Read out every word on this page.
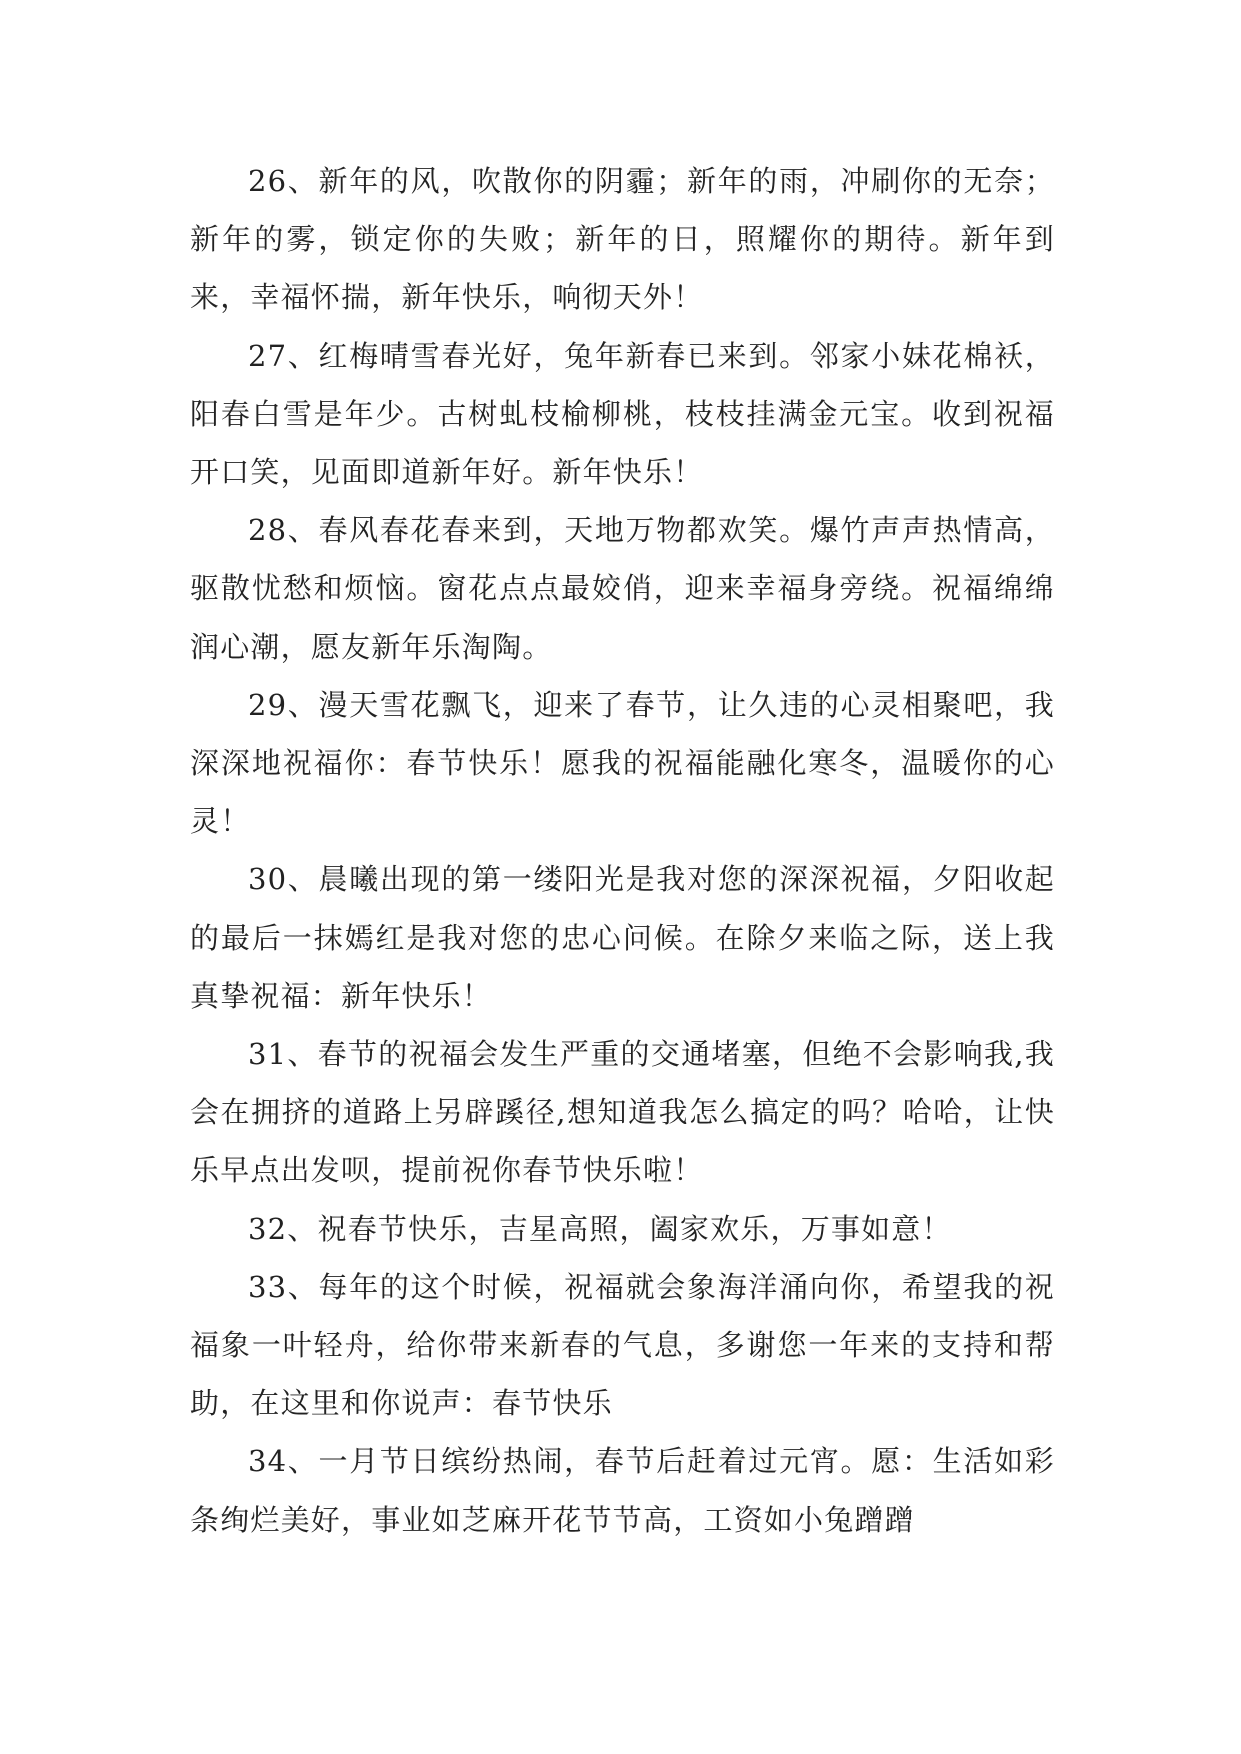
26、新年的风，吹散你的阴霾；新年的雨，冲刷你的无奈；新年的雾，锁定你的失败；新年的日，照耀你的期待。新年到来，幸福怀揣，新年快乐，响彻天外！

27、红梅晴雪春光好，兔年新春已来到。邻家小妹花棉袄，阳春白雪是年少。古树虬枝榆柳桃，枝枝挂满金元宝。收到祝福开口笑，见面即道新年好。新年快乐！

28、春风春花春来到，天地万物都欢笑。爆竹声声热情高，驱散忧愁和烦恼。窗花点点最姣俏，迎来幸福身旁绕。祝福绵绵润心潮，愿友新年乐淘陶。

29、漫天雪花飘飞，迎来了春节，让久违的心灵相聚吧，我深深地祝福你：春节快乐！愿我的祝福能融化寒冬，温暖你的心灵！

30、晨曦出现的第一缕阳光是我对您的深深祝福，夕阳收起的最后一抹嫣红是我对您的忠心问候。在除夕来临之际，送上我真挚祝福：新年快乐！

31、春节的祝福会发生严重的交通堵塞，但绝不会影响我,我会在拥挤的道路上另辟蹊径,想知道我怎么搞定的吗？哈哈，让快乐早点出发呗，提前祝你春节快乐啦！

32、祝春节快乐，吉星高照，阖家欢乐，万事如意！

33、每年的这个时候，祝福就会象海洋涌向你，希望我的祝福象一叶轻舟，给你带来新春的气息，多谢您一年来的支持和帮助，在这里和你说声：春节快乐

34、一月节日缤纷热闹，春节后赶着过元宵。愿：生活如彩条绚烂美好，事业如芝麻开花节节高，工资如小兔蹭蹭
